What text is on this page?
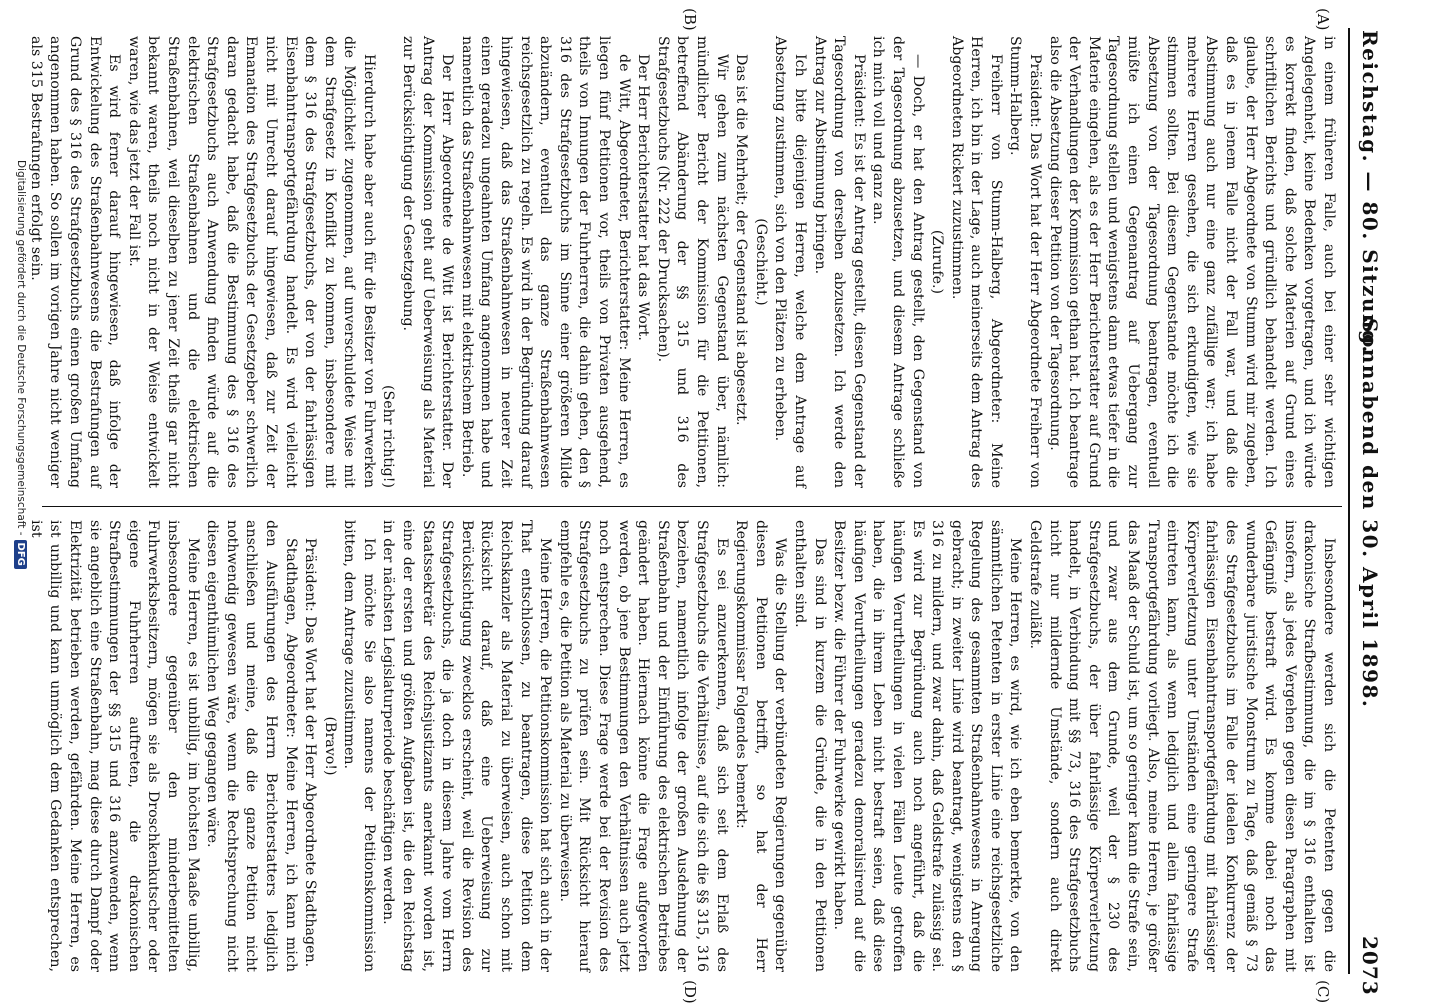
Reichstag. — 80. Sitzung.
Sonnabend den 30. April 1898.
2073
(A)
(B)
(C)
(D)

in einem früheren Falle, auch bei einer sehr wichtigen Angelegenheit, keine Bedenken vorgetragen, und ich würde es korrekt finden, daß solche Materien auf Grund eines schriftlichen Berichts und gründlich behandelt werden. Ich glaube, der Herr Abgeordnete von Stumm wird mir zugeben, daß es in jenem Falle nicht der Fall war, und daß die Abstimmung auch nur eine ganz zufällige war; ich habe mehrere Herren gesehen, die sich erkundigten, wie sie stimmen sollten. Bei diesem Gegenstande möchte ich die Absetzung von der Tagesordnung beantragen, eventuell müßte ich einen Gegenantrag auf Uebergang zur Tagesordnung stellen und wenigstens dann etwas tiefer in die Materie eingehen, als es der Herr Berichterstatter auf Grund der Verhandlungen der Kommission gethan hat. Ich beantrage also die Absetzung dieser Petition von der Tagesordnung.

Präsident: Das Wort hat der Herr Abgeordnete Freiherr von Stumm-Halberg.

Freiherr von Stumm-Halberg, Abgeordneter: Meine Herren, ich bin in der Lage, auch meinerseits dem Antrag des Abgeordneten Rickert zuzustimmen.

(Zurufe.)

— Doch, er hat den Antrag gestellt, den Gegenstand von der Tagesordnung abzusetzen, und diesem Antrage schließe ich mich voll und ganz an.

Präsident: Es ist der Antrag gestellt, diesen Gegenstand der Tagesordnung von derselben abzusetzen. Ich werde den Antrag zur Abstimmung bringen.

Ich bitte diejenigen Herren, welche dem Antrage auf Absetzung zustimmen, sich von den Plätzen zu erheben.

(Geschieht.)

Das ist die Mehrheit; der Gegenstand ist abgesetzt.

Wir gehen zum nächsten Gegenstand über, nämlich: mündlicher Bericht der Kommission für die Petitionen, betreffend Abänderung der §§ 315 und 316 des Strafgesetzbuchs (Nr. 222 der Drucksachen).

Der Herr Berichterstatter hat das Wort.

de Witt, Abgeordneter, Berichterstatter: Meine Herren, es liegen fünf Petitionen vor, theils von Privaten ausgehend, theils von Innungen der Fuhrherren, die dahin gehen, den § 316 des Strafgesetzbuchs im Sinne einer größeren Milde abzuändern, eventuell das ganze Straßenbahnwesen reichsgesetzlich zu regeln. Es wird in der Begründung darauf hingewiesen, daß das Straßenbahnwesen in neuerer Zeit einen geradezu ungeahnten Umfang angenommen habe und namentlich das Straßenbahnwesen mit elektrischem Betrieb.

Der Herr Abgeordnete de Witt ist Berichterstatter. Der Antrag der Kommission geht auf Ueberweisung als Material zur Berücksichtigung der Gesetzgebung.

(Sehr richtig!)

Hierdurch habe aber auch für die Besitzer von Fuhrwerken die Möglichkeit zugenommen, auf unverschuldete Weise mit dem Strafgesetz in Konflikt zu kommen, insbesondere mit dem § 316 des Strafgesetzbuchs, der von der fahrlässigen Eisenbahntransportgefährdung handelt. Es wird vielleicht nicht mit Unrecht darauf hingewiesen, daß zur Zeit der Emanation des Strafgesetzbuchs der Gesetzgeber schwerlich daran gedacht habe, daß die Bestimmung des § 316 des Strafgesetzbuchs auch Anwendung finden würde auf die elektrischen Straßenbahnen und die elektrischen Straßenbahnen, weil dieselben zu jener Zeit theils gar nicht bekannt waren, theils noch nicht in der Weise entwickelt waren, wie das jetzt der Fall ist.

Es wird ferner darauf hingewiesen, daß infolge der Entwickelung des Straßenbahnwesens die Bestrafungen auf Grund des § 316 des Strafgesetzbuchs einen großen Umfang angenommen haben. So sollen im vorigen Jahre nicht weniger als 315 Bestrafungen erfolgt sein.

Insbesondere werden sich die Petenten gegen die drakonische Strafbestimmung, die im § 316 enthalten ist insofern, als jedes Vergehen gegen diesen Paragraphen mit Gefängniß bestraft wird. Es komme dabei noch das wunderbare juristische Monstrum zu Tage, daß gemäß § 73 des Strafgesetzbuchs im Falle der idealen Konkurrenz der fahrlässigen Eisenbahntransportgefährdung mit fahrlässiger Körperverletzung unter Umständen eine geringere Strafe eintreten kann, als wenn lediglich und allein fahrlässige Transportgefährdung vorliegt. Also, meine Herren, je größer das Maaß der Schuld ist, um so geringer kann die Strafe sein, und zwar aus dem Grunde, weil der § 230 des Strafgesetzbuchs, der über fahrlässige Körperverletzung handelt, in Verbindung mit §§ 73, 316 des Strafgesetzbuchs nicht nur mildernde Umstände, sondern auch direkt Geldstrafe zuläßt.

Meine Herren, es wird, wie ich eben bemerkte, von den sämmtlichen Petenten in erster Linie eine reichsgesetzliche Regelung des gesammten Straßenbahnwesens in Anregung gebracht; in zweiter Linie wird beantragt, wenigstens den § 316 zu mildern, und zwar dahin, daß Geldstrafe zulässig sei. Es wird zur Begründung auch noch angeführt, daß die häufigen Verurtheilungen in vielen Fällen Leute getroffen haben, die in ihrem Leben nicht bestraft seien, daß diese häufigen Verurtheilungen geradezu demoralisirend auf die Besitzer bezw. die Führer der Fuhrwerke gewirkt haben.

Das sind in kurzem die Gründe, die in den Petitionen enthalten sind.

Was die Stellung der verbündeten Regierungen gegenüber diesen Petitionen betrifft, so hat der Herr Regierungskommissar Folgendes bemerkt:

Es sei anzuerkennen, daß sich seit dem Erlaß des Strafgesetzbuchs die Verhältnisse, auf die sich die §§ 315, 316 beziehen, namentlich infolge der großen Ausdehnung der Straßenbahn und der Einführung des elektrischen Betriebes geändert haben. Hiernach könne die Frage aufgeworfen werden, ob jene Bestimmungen den Verhältnissen auch jetzt noch entsprechen. Diese Frage werde bei der Revision des Strafgesetzbuchs zu prüfen sein. Mit Rücksicht hierauf empfehle es, die Petition als Material zu überweisen.

Meine Herren, die Petitionskommission hat sich auch in der That entschlossen, zu beantragen, diese Petition dem Reichskanzler als Material zu überweisen, auch schon mit Rücksicht darauf, daß eine Ueberweisung zur Berücksichtigung zwecklos erscheint, weil die Revision des Strafgesetzbuchs, die ja doch in diesem Jahre vom Herrn Staatssekretär des Reichsjustizamts anerkannt worden ist, eine der ersten und größten Aufgaben ist, die den Reichstag in der nächsten Legislaturperiode beschäftigen werden.

Ich möchte Sie also namens der Petitionskommission bitten, dem Antrage zuzustimmen.

(Bravo!)

Präsident: Das Wort hat der Herr Abgeordnete Stadthagen.

Stadthagen, Abgeordneter: Meine Herren, ich kann mich den Ausführungen des Herrn Berichterstatters lediglich anschließen und meine, daß die ganze Petition nicht nothwendig gewesen wäre, wenn die Rechtsprechung nicht diesen eigenthümlichen Weg gegangen wäre.

Meine Herren, es ist unbillig, im höchsten Maaße unbillig, insbesondere gegenüber den minderbemittelten Fuhrwerksbesitzern, mögen sie als Droschkenkutscher oder eigene Fuhrherren auftreten, die drakonischen Strafbestimmungen der §§ 315 und 316 anzuwenden, wenn sie angeblich eine Straßenbahn, mag diese durch Dampf oder Elektrizität betrieben werden, gefährden. Meine Herren, es ist unbillig und kann unmöglich dem Gedanken entsprechen, ist

Digitalisierung gefördert durch die Deutsche Forschungsgemeinschaft -DFG
